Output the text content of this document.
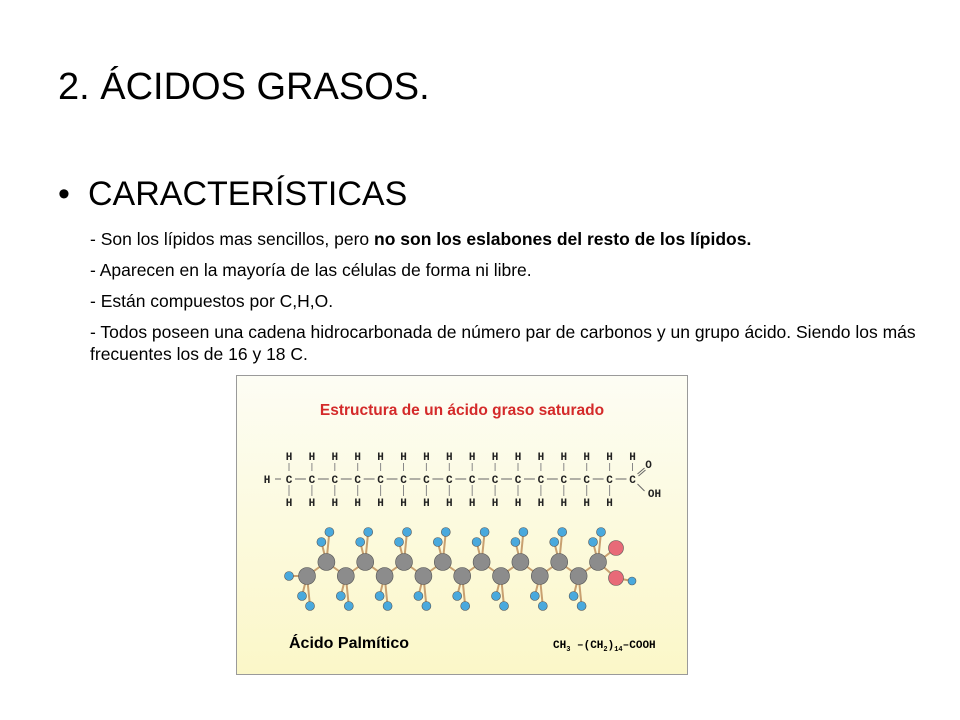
2. ÁCIDOS GRASOS.
• CARACTERÍSTICAS

- Son los lípidos mas sencillos, pero no son los eslabones del resto de los lípidos.

- Aparecen en la mayoría de las células de forma ni libre.

- Están compuestos por C,H,O.

- Todos poseen una cadena hidrocarbonada de número par de carbonos y un grupo ácido. Siendo los más frecuentes los de 16 y 18 C.

Estructura de un ácido graso saturado
H
H
C
H
H
C
H
H
C
H
H
C
H
H
C
H
H
C
H
H
C
H
H
C
H
H
C
H
H
C
H
H
C
H
H
C
H
H
C
H
H
C
H
H
C
H
H
C
O
OH
Ácido Palmítico	$CH_3$ $-(CH_2)_{14}$–COOH
